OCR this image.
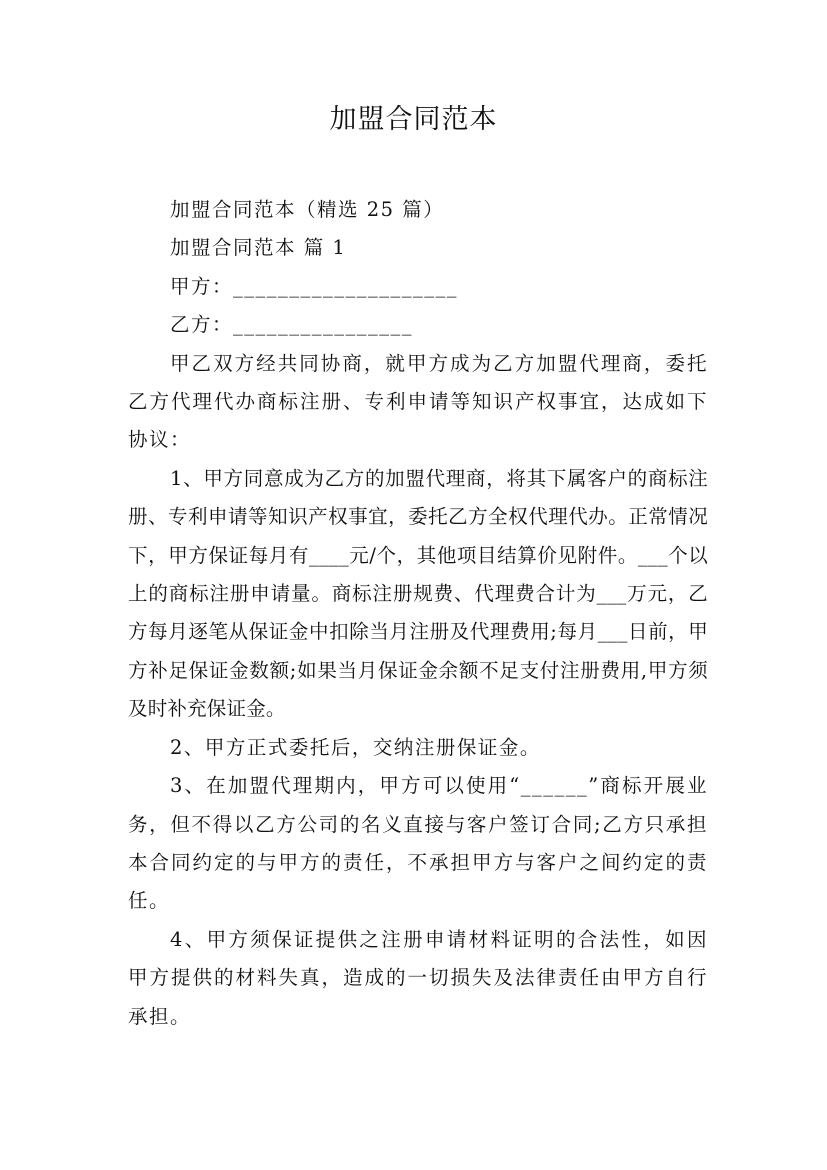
加盟合同范本

加盟合同范本（精选 25 篇）

加盟合同范本 篇 1

甲方：____________________

乙方：________________

甲乙双方经共同协商，就甲方成为乙方加盟代理商，委托乙方代理代办商标注册、专利申请等知识产权事宜，达成如下协议：

1、甲方同意成为乙方的加盟代理商，将其下属客户的商标注册、专利申请等知识产权事宜，委托乙方全权代理代办。正常情况下，甲方保证每月有____元/个，其他项目结算价见附件。___个以上的商标注册申请量。商标注册规费、代理费合计为___万元，乙方每月逐笔从保证金中扣除当月注册及代理费用;每月___日前，甲方补足保证金数额;如果当月保证金余额不足支付注册费用,甲方须及时补充保证金。

2、甲方正式委托后，交纳注册保证金。

3、在加盟代理期内，甲方可以使用“______”商标开展业务，但不得以乙方公司的名义直接与客户签订合同;乙方只承担本合同约定的与甲方的责任，不承担甲方与客户之间约定的责任。

4、甲方须保证提供之注册申请材料证明的合法性，如因甲方提供的材料失真，造成的一切损失及法律责任由甲方自行承担。
